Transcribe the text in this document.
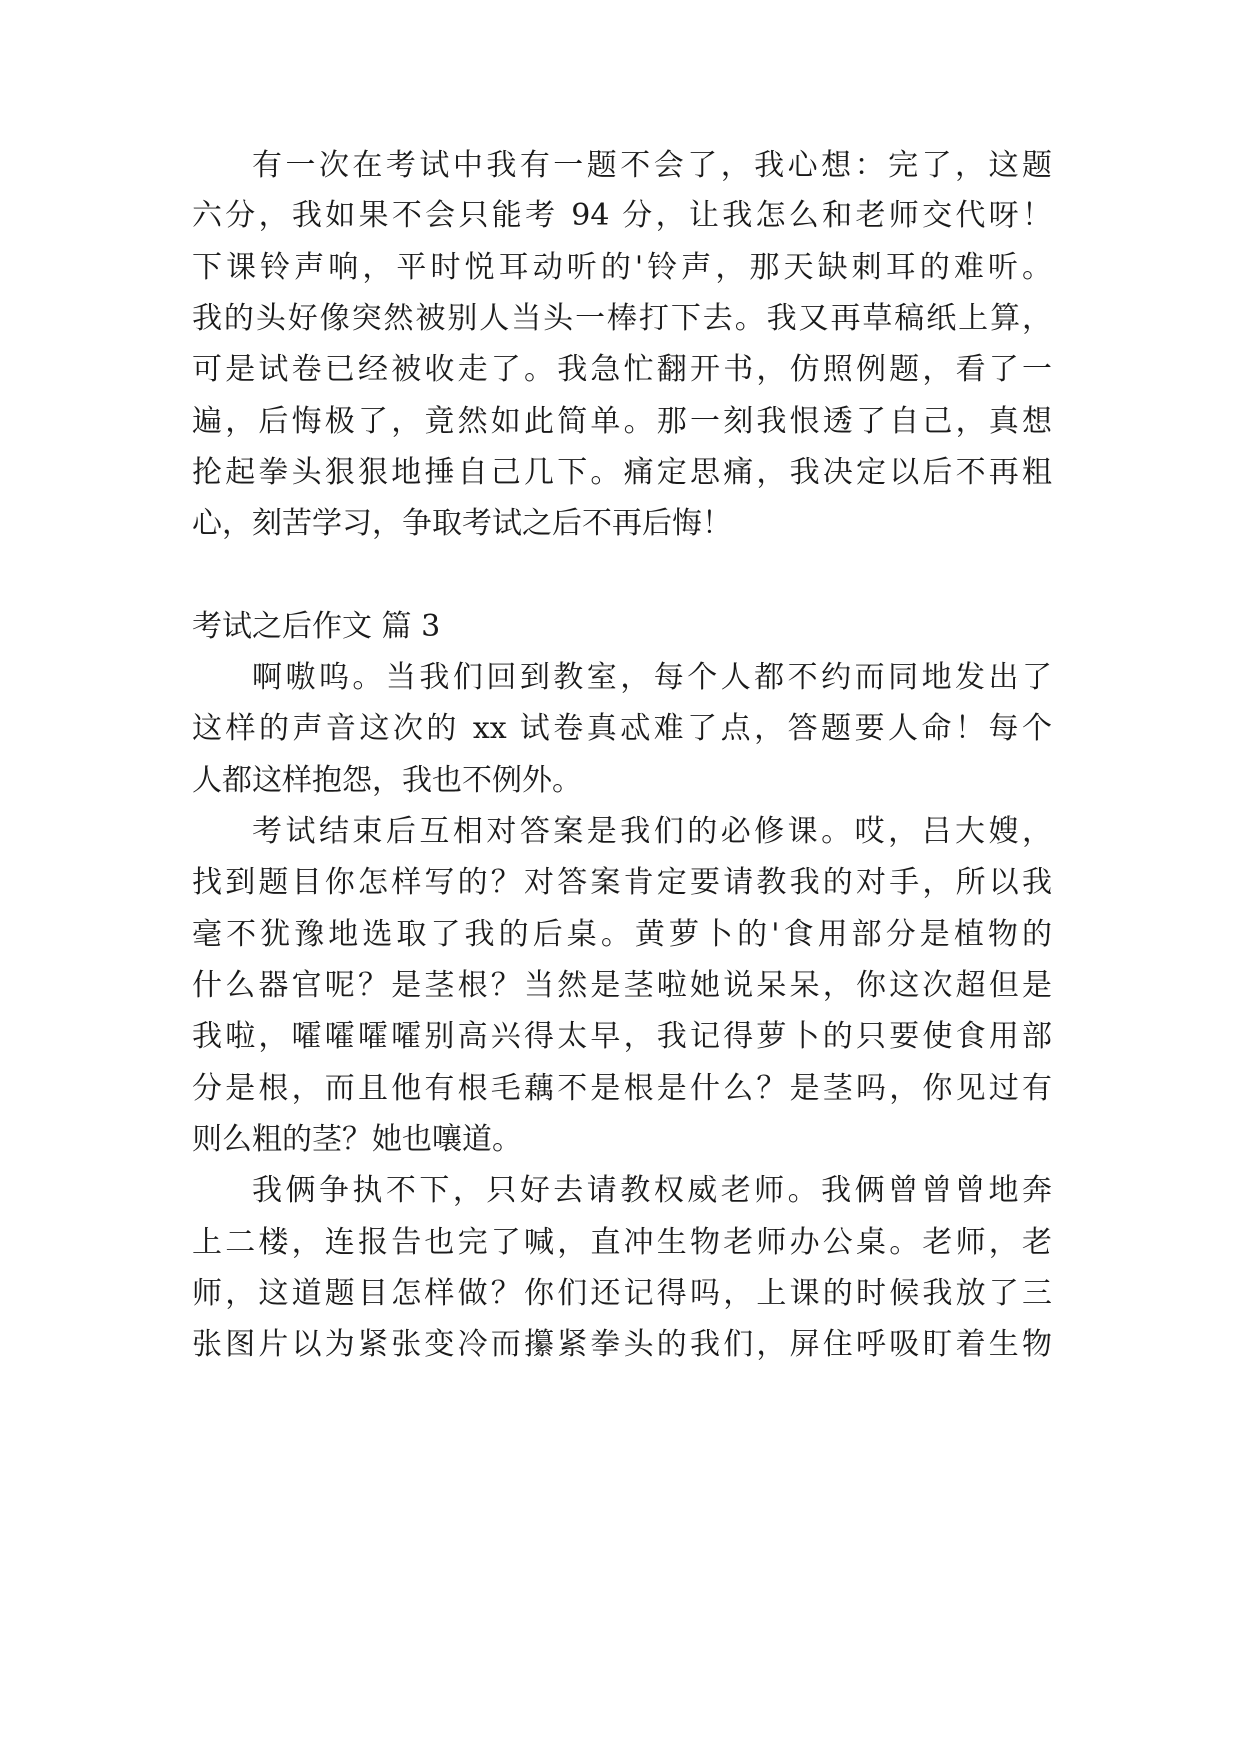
有一次在考试中我有一题不会了，我心想：完了，这题
六分，我如果不会只能考 94 分，让我怎么和老师交代呀！
下课铃声响，平时悦耳动听的'铃声，那天缺刺耳的难听。
我的头好像突然被别人当头一棒打下去。我又再草稿纸上算，
可是试卷已经被收走了。我急忙翻开书，仿照例题，看了一
遍，后悔极了，竟然如此简单。那一刻我恨透了自己，真想
抡起拳头狠狠地捶自己几下。痛定思痛，我决定以后不再粗
心，刻苦学习，争取考试之后不再后悔！
考试之后作文 篇 3
啊嗷呜。当我们回到教室，每个人都不约而同地发出了
这样的声音这次的 xx 试卷真忒难了点，答题要人命！每个
人都这样抱怨，我也不例外。
考试结束后互相对答案是我们的必修课。哎，吕大嫂，
找到题目你怎样写的？对答案肯定要请教我的对手，所以我
毫不犹豫地选取了我的后桌。黄萝卜的'食用部分是植物的
什么器官呢？是茎根？当然是茎啦她说呆呆，你这次超但是
我啦，嚯嚯嚯嚯别高兴得太早，我记得萝卜的只要使食用部
分是根，而且他有根毛藕不是根是什么？是茎吗，你见过有
则么粗的茎？她也嚷道。
我俩争执不下，只好去请教权威老师。我俩曾曾曾地奔
上二楼，连报告也完了喊，直冲生物老师办公桌。老师，老
师，这道题目怎样做？你们还记得吗，上课的时候我放了三
张图片以为紧张变冷而攥紧拳头的我们，屏住呼吸盯着生物
